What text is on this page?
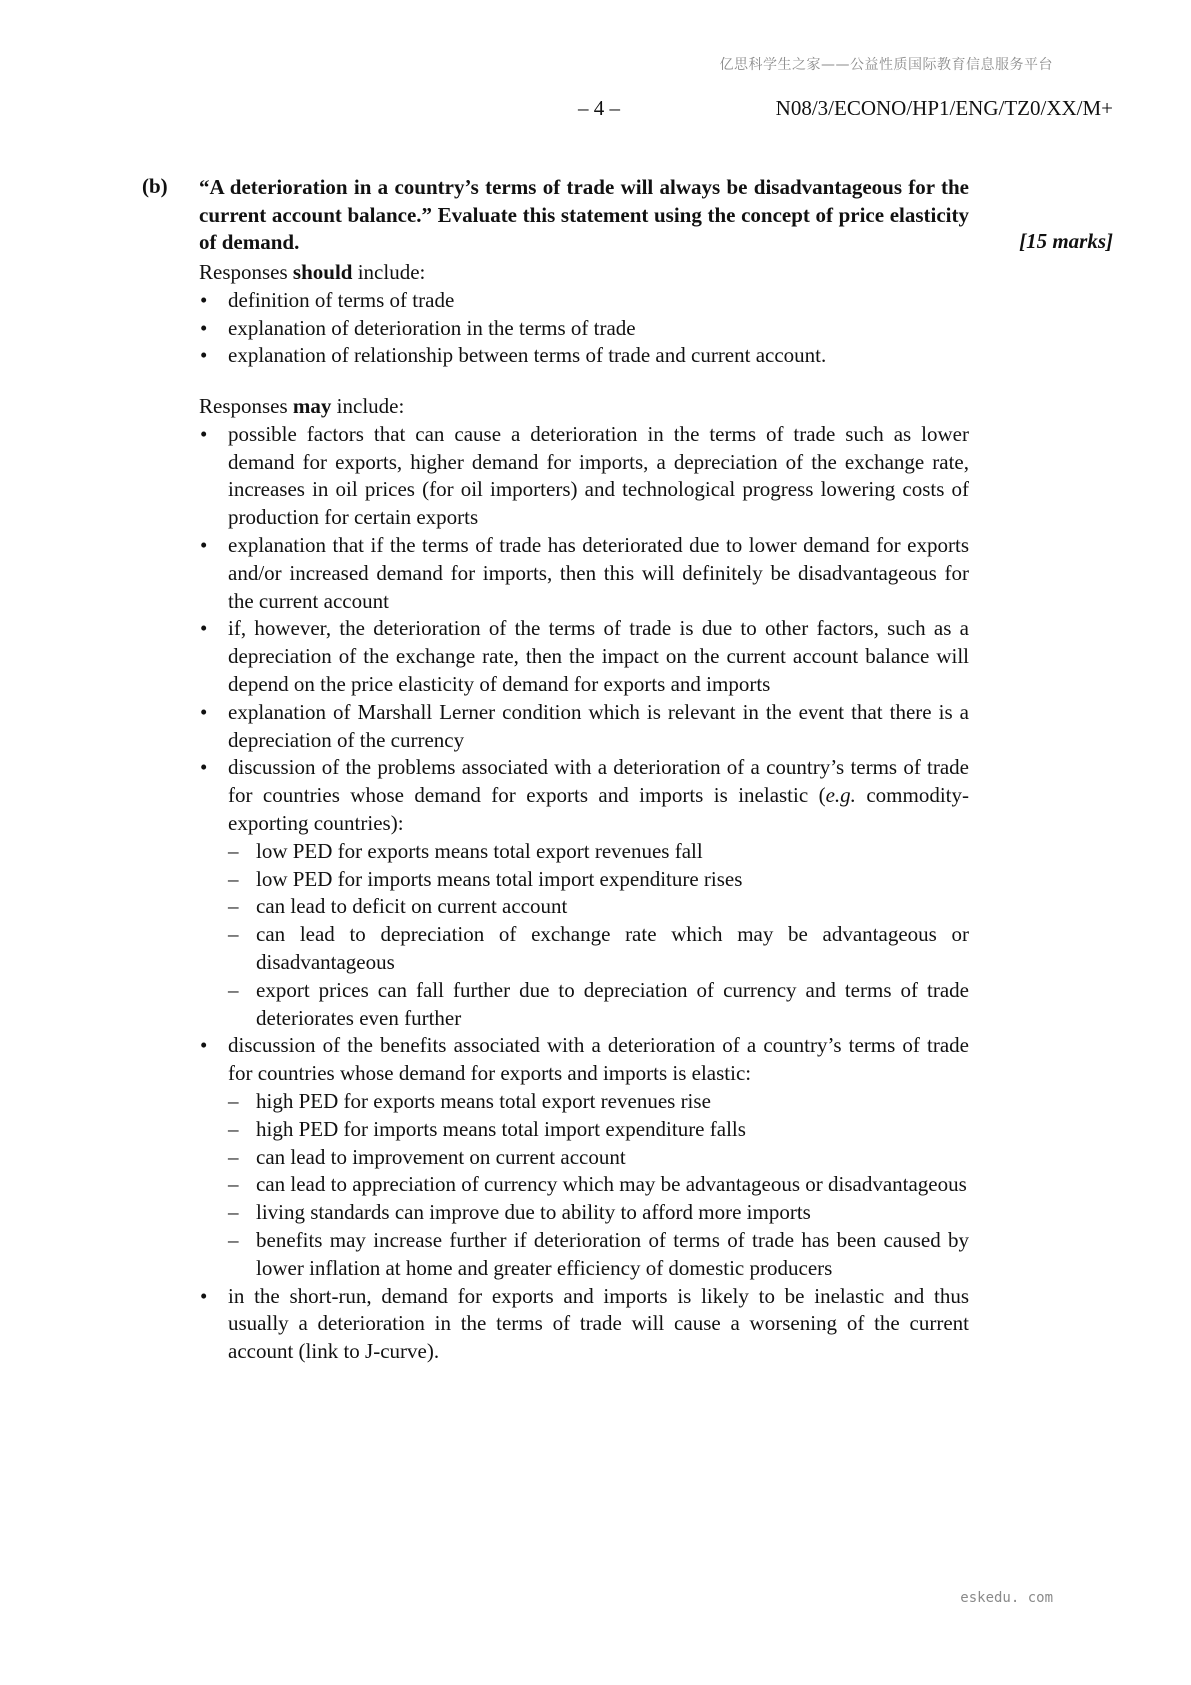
亿思科学生之家——公益性质国际教育信息服务平台
– 4 –	N08/3/ECONO/HP1/ENG/TZ0/XX/M+
(b) “A deterioration in a country’s terms of trade will always be disadvantageous for the current account balance.” Evaluate this statement using the concept of price elasticity of demand.	[15 marks]

Responses should include:

• definition of terms of trade
• explanation of deterioration in the terms of trade
• explanation of relationship between terms of trade and current account.

Responses may include:

• possible factors that can cause a deterioration in the terms of trade such as lower demand for exports, higher demand for imports, a depreciation of the exchange rate, increases in oil prices (for oil importers) and technological progress lowering costs of production for certain exports
• explanation that if the terms of trade has deteriorated due to lower demand for exports and/or increased demand for imports, then this will definitely be disadvantageous for the current account
• if, however, the deterioration of the terms of trade is due to other factors, such as a depreciation of the exchange rate, then the impact on the current account balance will depend on the price elasticity of demand for exports and imports
• explanation of Marshall Lerner condition which is relevant in the event that there is a depreciation of the currency
• discussion of the problems associated with a deterioration of a country’s terms of trade for countries whose demand for exports and imports is inelastic (e.g. commodity-exporting countries):
– low PED for exports means total export revenues fall
– low PED for imports means total import expenditure rises
– can lead to deficit on current account
– can lead to depreciation of exchange rate which may be advantageous or disadvantageous
– export prices can fall further due to depreciation of currency and terms of trade deteriorates even further
• discussion of the benefits associated with a deterioration of a country’s terms of trade for countries whose demand for exports and imports is elastic:
– high PED for exports means total export revenues rise
– high PED for imports means total import expenditure falls
– can lead to improvement on current account
– can lead to appreciation of currency which may be advantageous or disadvantageous
– living standards can improve due to ability to afford more imports
– benefits may increase further if deterioration of terms of trade has been caused by lower inflation at home and greater efficiency of domestic producers
• in the short-run, demand for exports and imports is likely to be inelastic and thus usually a deterioration in the terms of trade will cause a worsening of the current account (link to J-curve).
eskedu. com
